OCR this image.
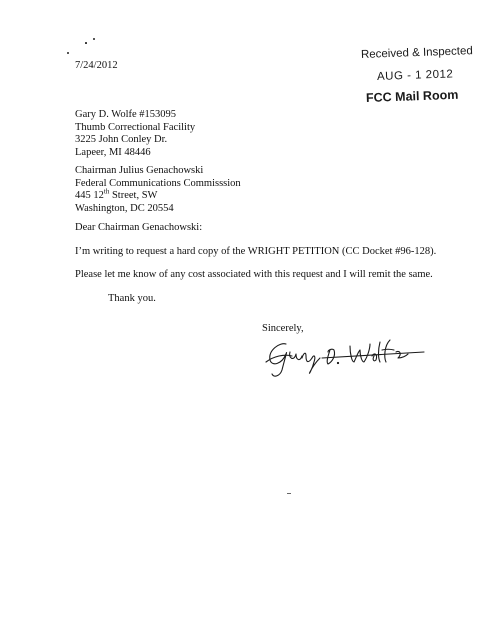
7/24/2012
Received & Inspected
AUG - 1 2012
FCC Mail Room
Gary D. Wolfe #153095
Thumb Correctional Facility
3225 John Conley Dr.
Lapeer, MI 48446
Chairman Julius Genachowski
Federal Communications Commisssion
445 12th Street, SW
Washington, DC 20554
Dear Chairman Genachowski:
I’m writing to request a hard copy of the WRIGHT PETITION (CC Docket #96-128).
Please let me know of any cost associated with this request and I will remit the same.
Thank you.
Sincerely,
